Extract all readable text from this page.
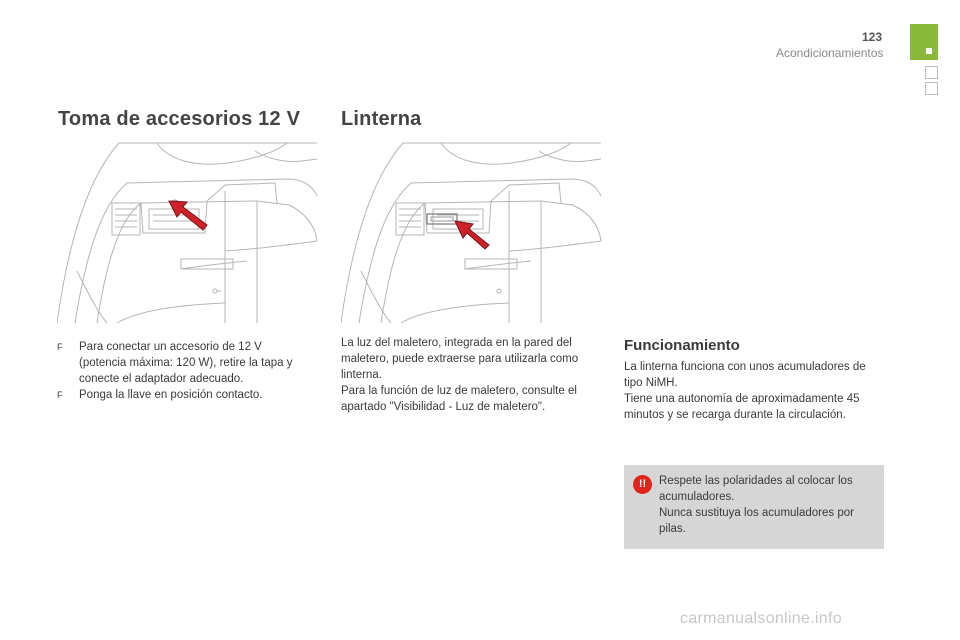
123
Acondicionamientos
Toma de accesorios 12 V
F	Para conectar un accesorio de 12 V (potencia máxima: 120 W), retire la tapa y conecte el adaptador adecuado.
F	Ponga la llave en posición contacto.
Linterna

La luz del maletero, integrada en la pared del maletero, puede extraerse para utilizarla como linterna.

Para la función de luz de maletero, consulte el apartado "Visibilidad - Luz de maletero".

Funcionamiento

La linterna funciona con unos acumuladores de tipo NiMH.

Tiene una autonomía de aproximadamente 45 minutos y se recarga durante la circulación.

!!	Respete las polaridades al colocar los acumuladores.

Nunca sustituya los acumuladores por pilas.

carmanualsonline.info
